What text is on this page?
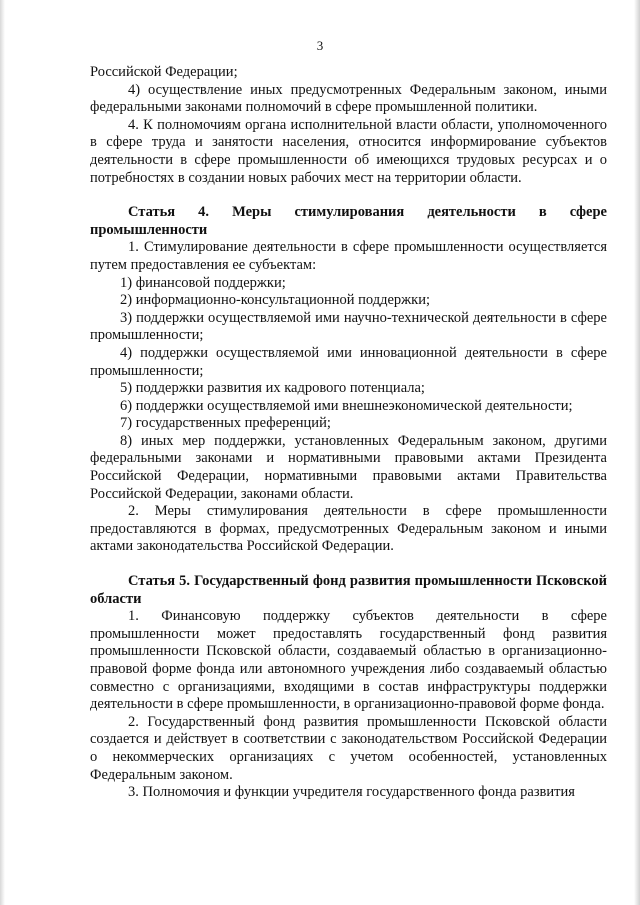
3

Российской Федерации;

4) осуществление иных предусмотренных Федеральным законом, иными федеральными законами полномочий в сфере промышленной политики.

4. К полномочиям органа исполнительной власти области, уполномоченного в сфере труда и занятости населения, относится информирование субъектов деятельности в сфере промышленности об имеющихся трудовых ресурсах и о потребностях в создании новых рабочих мест на территории области.

Статья 4. Меры стимулирования деятельности в сфере промышленности

1. Стимулирование деятельности в сфере промышленности осуществляется путем предоставления ее субъектам:

1) финансовой поддержки;

2) информационно-консультационной поддержки;

3) поддержки осуществляемой ими научно-технической деятельности в сфере промышленности;

4) поддержки осуществляемой ими инновационной деятельности в сфере промышленности;

5) поддержки развития их кадрового потенциала;

6) поддержки осуществляемой ими внешнеэкономической деятельности;

7) государственных преференций;

8) иных мер поддержки, установленных Федеральным законом, другими федеральными законами и нормативными правовыми актами Президента Российской Федерации, нормативными правовыми актами Правительства Российской Федерации, законами области.

2. Меры стимулирования деятельности в сфере промышленности предоставляются в формах, предусмотренных Федеральным законом и иными актами законодательства Российской Федерации.

Статья 5. Государственный фонд развития промышленности Псковской области

1. Финансовую поддержку субъектов деятельности в сфере промышленности может предоставлять государственный фонд развития промышленности Псковской области, создаваемый областью в организационно-правовой форме фонда или автономного учреждения либо создаваемый областью совместно с организациями, входящими в состав инфраструктуры поддержки деятельности в сфере промышленности, в организационно-правовой форме фонда.

2. Государственный фонд развития промышленности Псковской области создается и действует в соответствии с законодательством Российской Федерации о некоммерческих организациях с учетом особенностей, установленных Федеральным законом.

3. Полномочия и функции учредителя государственного фонда развития
